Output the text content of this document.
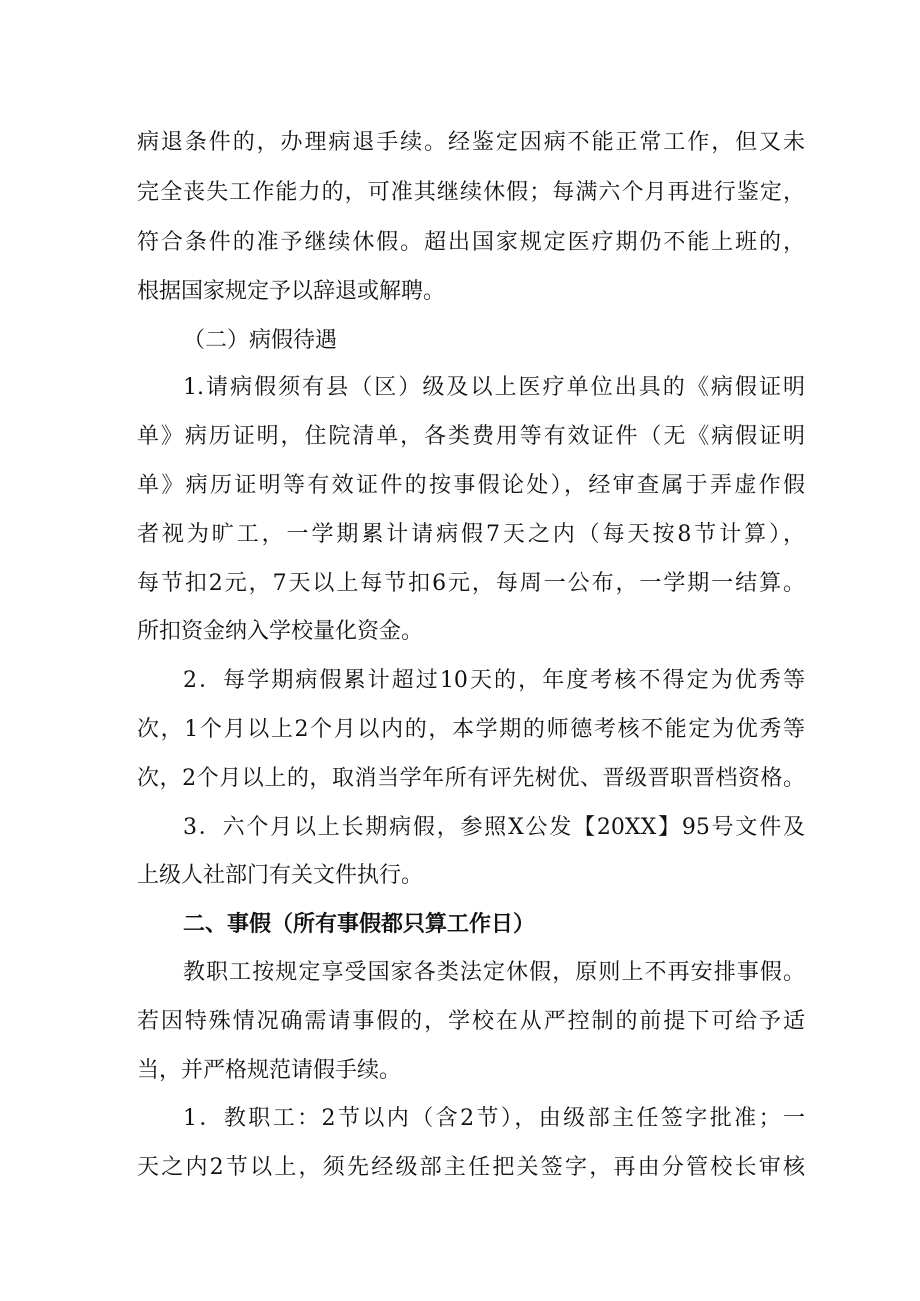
病退条件的，办理病退手续。经鉴定因病不能正常工作，但又未
完全丧失工作能力的，可准其继续休假；每满六个月再进行鉴定，
符合条件的准予继续休假。超出国家规定医疗期仍不能上班的，
根据国家规定予以辞退或解聘。
（二）病假待遇
1.请病假须有县（区）级及以上医疗单位出具的《病假证明
单》病历证明，住院清单，各类费用等有效证件（无《病假证明
单》病历证明等有效证件的按事假论处），经审查属于弄虚作假
者视为旷工，一学期累计请病假7天之内（每天按8节计算），
每节扣2元，7天以上每节扣6元，每周一公布，一学期一结算。
所扣资金纳入学校量化资金。
2．每学期病假累计超过10天的，年度考核不得定为优秀等
次，1个月以上2个月以内的，本学期的师德考核不能定为优秀等
次，2个月以上的，取消当学年所有评先树优、晋级晋职晋档资格。
3．六个月以上长期病假，参照X公发【20XX】95号文件及
上级人社部门有关文件执行。
二、事假（所有事假都只算工作日）
教职工按规定享受国家各类法定休假，原则上不再安排事假。
若因特殊情况确需请事假的，学校在从严控制的前提下可给予适
当，并严格规范请假手续。
1．教职工：2节以内（含2节），由级部主任签字批准；一
天之内2节以上，须先经级部主任把关签字，再由分管校长审核
